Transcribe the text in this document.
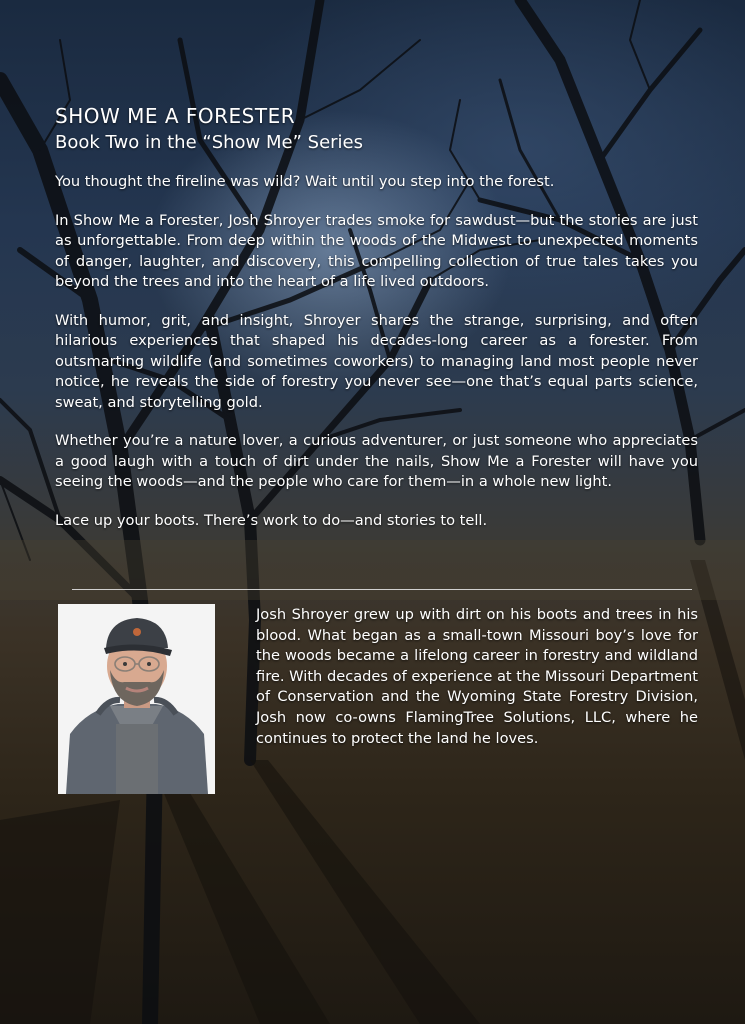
SHOW ME A FORESTER
Book Two in the “Show Me” Series

You thought the fireline was wild? Wait until you step into the forest.

In Show Me a Forester, Josh Shroyer trades smoke for sawdust—but the stories are just as unforgettable. From deep within the woods of the Midwest to unexpected moments of danger, laughter, and discovery, this compelling collection of true tales takes you beyond the trees and into the heart of a life lived outdoors.

With humor, grit, and insight, Shroyer shares the strange, surprising, and often hilarious experiences that shaped his decades-long career as a forester. From outsmarting wildlife (and sometimes coworkers) to managing land most people never notice, he reveals the side of forestry you never see—one that’s equal parts science, sweat, and storytelling gold.

Whether you’re a nature lover, a curious adventurer, or just someone who appreciates a good laugh with a touch of dirt under the nails, Show Me a Forester will have you seeing the woods—and the people who care for them—in a whole new light.

Lace up your boots. There’s work to do—and stories to tell.

Josh Shroyer grew up with dirt on his boots and trees in his blood. What began as a small-town Missouri boy’s love for the woods became a lifelong career in forestry and wildland fire. With decades of experience at the Missouri Department of Conservation and the Wyoming State Forestry Division, Josh now co-owns FlamingTree Solutions, LLC, where he continues to protect the land he loves.
